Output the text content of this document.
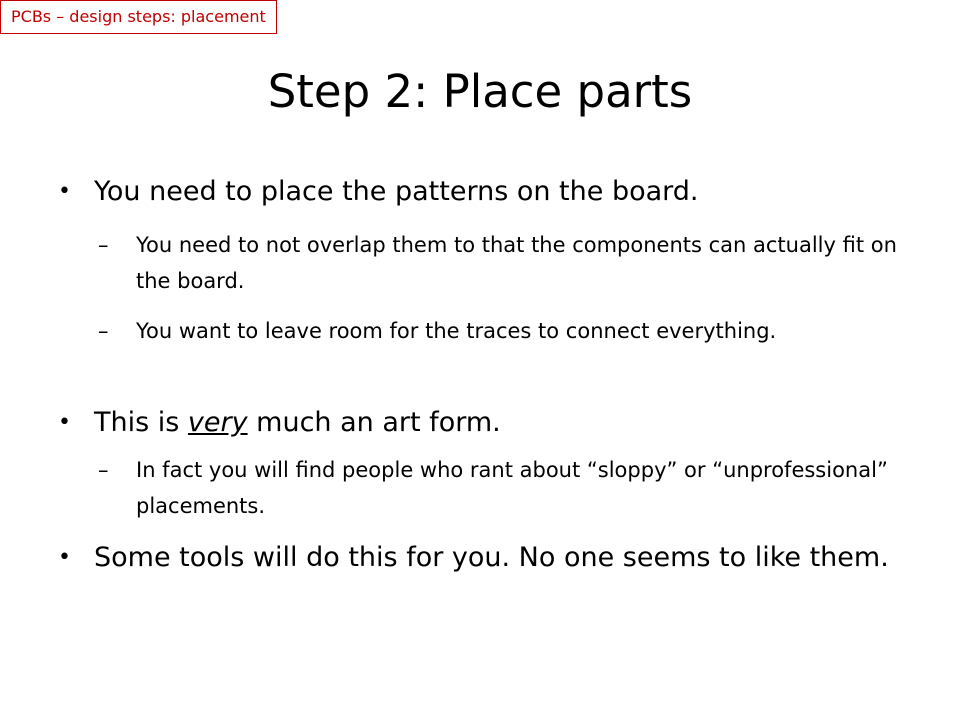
PCBs – design steps: placement
Step 2: Place parts
• You need to place the patterns on the board.
– You need to not overlap them to that the components can actually fit on the board.
– You want to leave room for the traces to connect everything.
• This is very much an art form.
– In fact you will find people who rant about “sloppy” or “unprofessional” placements.
• Some tools will do this for you. No one seems to like them.
